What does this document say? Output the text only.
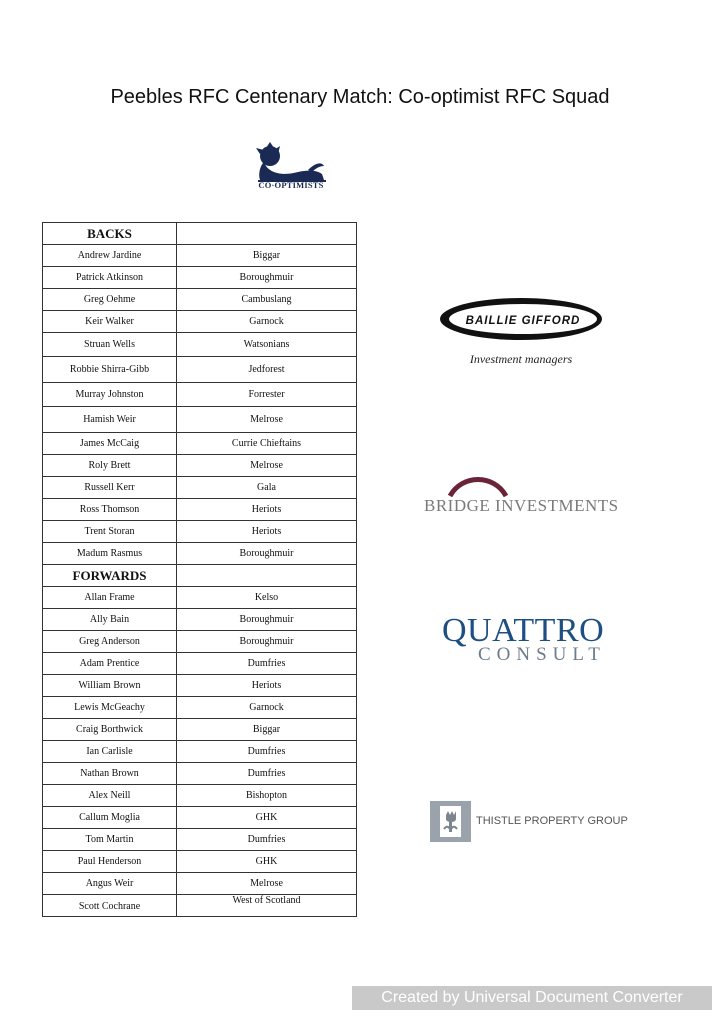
Peebles RFC Centenary Match: Co-optimist RFC Squad
CO·OPTIMISTS
BACKS	
Andrew Jardine	Biggar
Patrick Atkinson	Boroughmuir
Greg Oehme	Cambuslang
Keir Walker	Garnock
Struan Wells	Watsonians
Robbie Shirra-Gibb	Jedforest
Murray Johnston	Forrester
Hamish Weir	Melrose
James McCaig	Currie Chieftains
Roly Brett	Melrose
Russell Kerr	Gala
Ross Thomson	Heriots
Trent Storan	Heriots
Madum Rasmus	Boroughmuir
FORWARDS	
Allan Frame	Kelso
Ally Bain	Boroughmuir
Greg Anderson	Boroughmuir
Adam Prentice	Dumfries
William Brown	Heriots
Lewis McGeachy	Garnock
Craig Borthwick	Biggar
Ian Carlisle	Dumfries
Nathan Brown	Dumfries
Alex Neill	Bishopton
Callum Moglia	GHK
Tom Martin	Dumfries
Paul Henderson	GHK
Angus Weir	Melrose
Scott Cochrane	West of Scotland
BAILLIE GIFFORD
Investment managers
BRIDGE INVESTMENTS
QUATTRO
CONSULT
THISTLE PROPERTY GROUP
Created by Universal Document Converter
